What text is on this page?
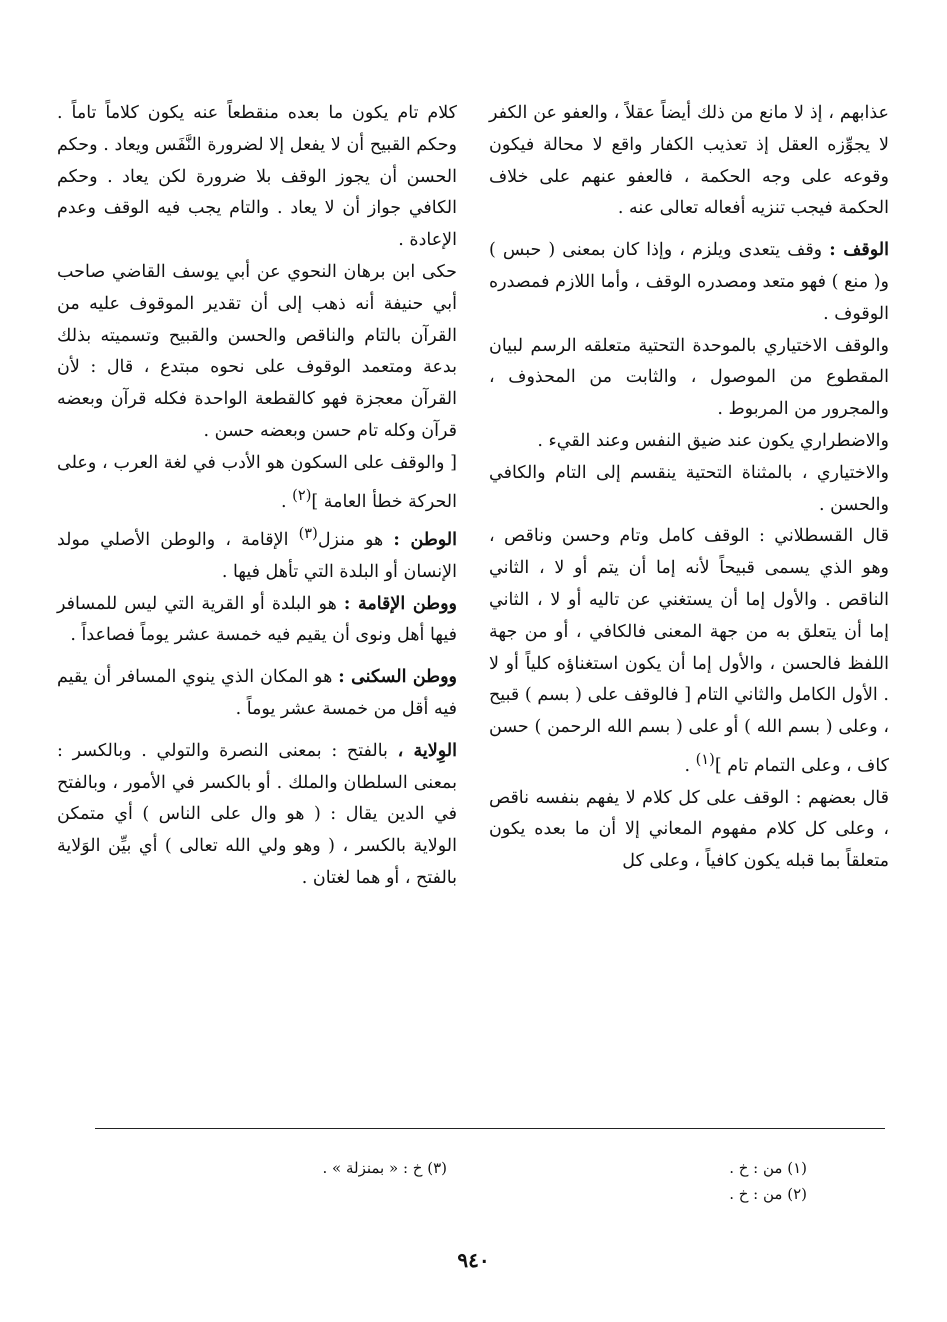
عذابهم ، إذ لا مانع من ذلك أيضاً عقلاً ، والعفو عن الكفر لا يجوِّزه العقل إذ تعذيب الكفار واقع لا محالة فيكون وقوعه على وجه الحكمة ، فالعفو عنهم على خلاف الحكمة فيجب تنزيه أفعاله تعالى عنه .

الوقف : وقف يتعدى ويلزم ، وإذا كان بمعنى ( حبس ) و( منع ) فهو متعد ومصدره الوقف ، وأما اللازم فمصدره الوقوف .

والوقف الاختياري بالموحدة التحتية متعلقه الرسم لبيان المقطوع من الموصول ، والثابت من المحذوف ، والمجرور من المربوط .

والاضطراري يكون عند ضيق النفس وعند القيء .

والاختياري ، بالمثناة التحتية ينقسم إلى التام والكافي والحسن .

قال القسطلاني : الوقف كامل وتام وحسن وناقص ، وهو الذي يسمى قبيحاً لأنه إما أن يتم أو لا ، الثاني الناقص . والأول إما أن يستغني عن تاليه أو لا ، الثاني إما أن يتعلق به من جهة المعنى فالكافي ، أو من جهة اللفظ فالحسن ، والأول إما أن يكون استغناؤه كلياً أو لا . الأول الكامل والثاني التام [ فالوقف على ( بسم ) قبيح ، وعلى ( بسم الله ) أو على ( بسم الله الرحمن ) حسن كاف ، وعلى التمام تام ]$^{(١)}$ .

قال بعضهم : الوقف على كل كلام لا يفهم بنفسه ناقص ، وعلى كل كلام مفهوم المعاني إلا أن ما بعده يكون متعلقاً بما قبله يكون كافياً ، وعلى كل

كلام تام يكون ما بعده منقطعاً عنه يكون كلاماً تاماً . وحكم القبيح أن لا يفعل إلا لضرورة النَّفَس ويعاد . وحكم الحسن أن يجوز الوقف بلا ضرورة لكن يعاد . وحكم الكافي جواز أن لا يعاد . والتام يجب فيه الوقف وعدم الإعادة .

حكى ابن برهان النحوي عن أبي يوسف القاضي صاحب أبي حنيفة أنه ذهب إلى أن تقدير الموقوف عليه من القرآن بالتام والناقص والحسن والقبيح وتسميته بذلك بدعة ومتعمد الوقوف على نحوه مبتدع ، قال : لأن القرآن معجزة فهو كالقطعة الواحدة فكله قرآن وبعضه قرآن وكله تام حسن وبعضه حسن .

[ والوقف على السكون هو الأدب في لغة العرب ، وعلى الحركة خطأ العامة ]$^{(٢)}$ .

الوطن : هو منزل$^{(٣)}$ الإقامة ، والوطن الأصلي مولد الإنسان أو البلدة التي تأهل فيها .

ووطن الإقامة : هو البلدة أو القرية التي ليس للمسافر فيها أهل ونوى أن يقيم فيه خمسة عشر يوماً فصاعداً .

ووطن السكنى : هو المكان الذي ينوي المسافر أن يقيم فيه أقل من خمسة عشر يوماً .

الوِلاية ، بالفتح : بمعنى النصرة والتولي . وبالكسر : بمعنى السلطان والملك . أو بالكسر في الأمور ، وبالفتح في الدين يقال : ( هو وال على الناس ) أي متمكن الولاية بالكسر ، ( وهو ولي الله تعالى ) أي بيِّن الوَلاية بالفتح ، أو هما لغتان .

(١) من : خ .
(٢) من : خ .
(٣) خ : « بمنزلة » .
٩٤٠
